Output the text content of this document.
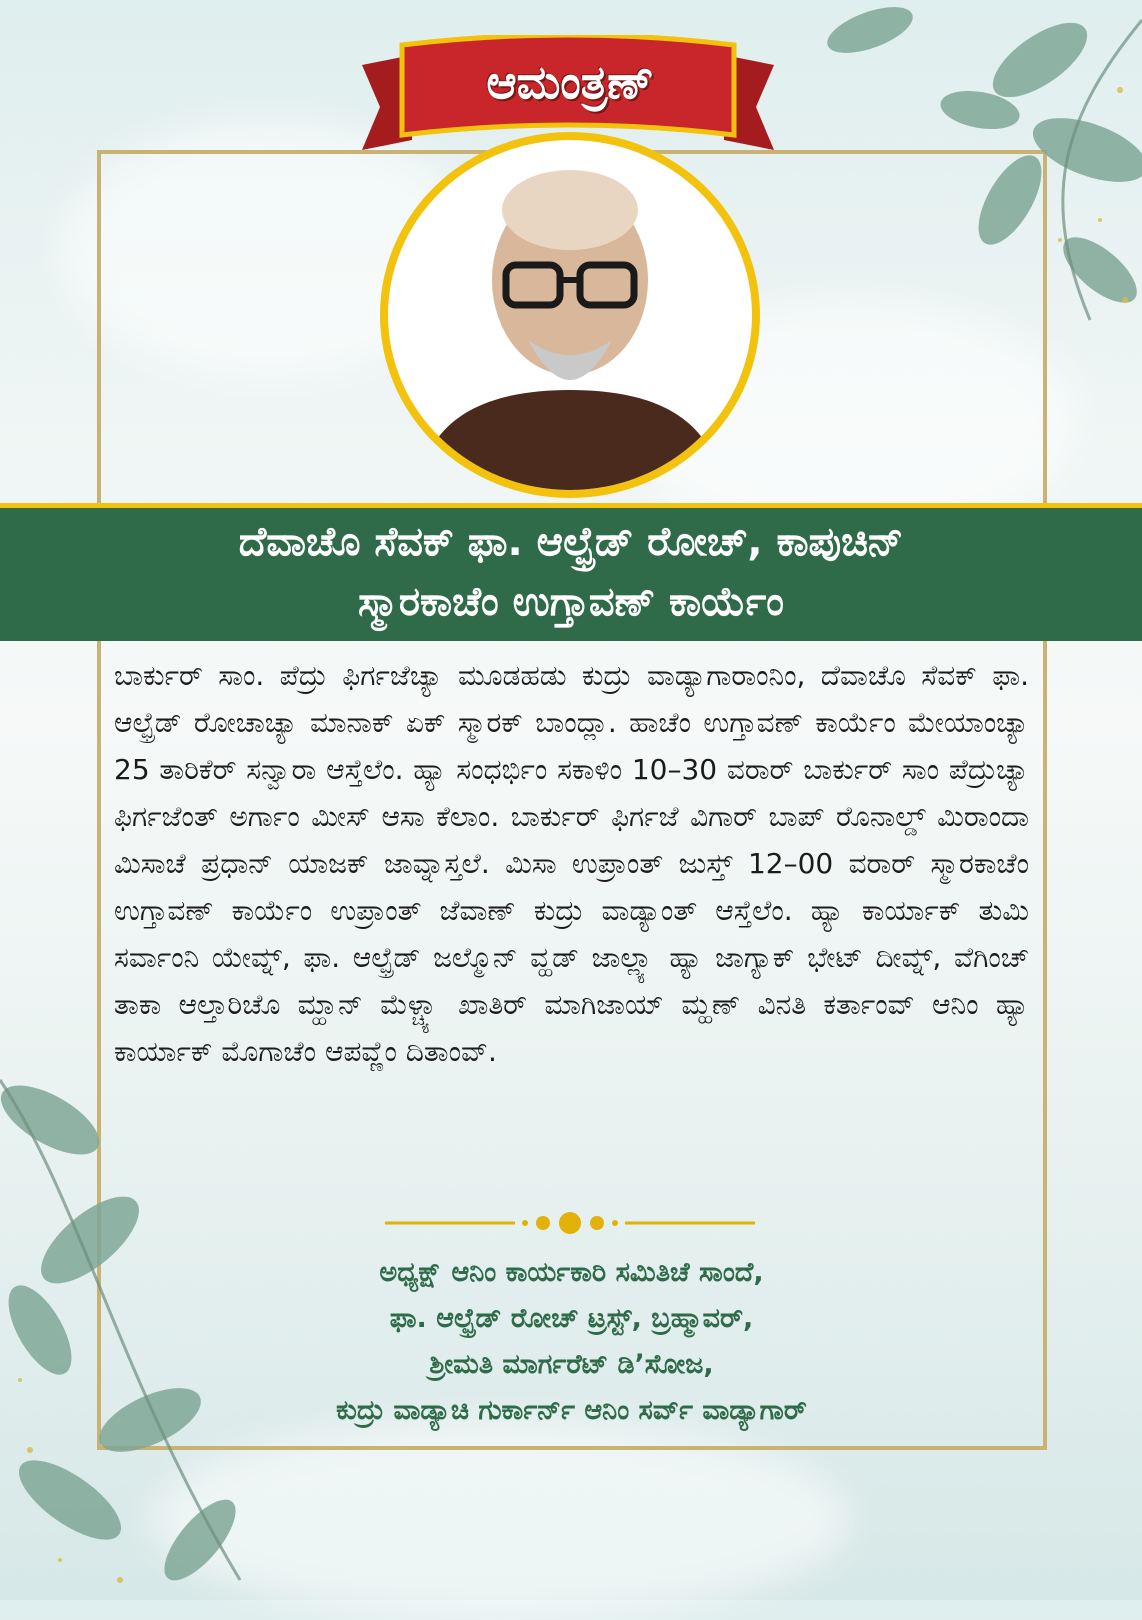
ಆಮಂತ್ರಣ್
ದೆವಾಚೊ ಸೆವಕ್ ಫಾ. ಆಲ್ಫ್ರೆಡ್ ರೋಚ್, ಕಾಪುಚಿನ್
ಸ್ಮಾರಕಾಚೆಂ ಉಗ್ತಾವಣ್ ಕಾರ್ಯೆಂ

ಬಾರ್ಕುರ್ ಸಾಂ. ಪೆದ್ರು ಫಿರ್ಗಜೆಚ್ಯಾ ಮೂಡಹಡು ಕುದ್ರು ವಾಡ್ಯಾಗಾರಾಂನಿಂ, ದೆವಾಚೊ ಸೆವಕ್ ಫಾ. ಆಲ್ಫ್ರೆಡ್ ರೋಚಾಚ್ಯಾ ಮಾನಾಕ್ ಏಕ್ ಸ್ಮಾರಕ್ ಬಾಂದ್ಲಾ. ಹಾಚೆಂ ಉಗ್ತಾವಣ್ ಕಾರ್ಯೆಂ ಮೇಯಾಂಚ್ಯಾ 25 ತಾರಿಕೆರ್ ಸನ್ವಾರಾ ಆಸ್ತೆಲೆಂ. ಹ್ಯಾ ಸಂಧರ್ಭಿಂ ಸಕಾಳಿಂ 10–30 ವರಾರ್ ಬಾರ್ಕುರ್ ಸಾಂ ಪೆದ್ರುಚ್ಯಾ ಫಿರ್ಗಜೆಂತ್ ಅರ್ಗಾಂ ಮೀಸ್ ಆಸಾ ಕೆಲಾಂ. ಬಾರ್ಕುರ್ ಫಿರ್ಗಜೆ ವಿಗಾರ್ ಬಾಪ್ ರೊನಾಲ್ಡ್ ಮಿರಾಂದಾ ಮಿಸಾಚೆ ಪ್ರಧಾನ್ ಯಾಜಕ್ ಜಾವ್ನಾಸ್ತಲೆ. ಮಿಸಾ ಉಪ್ರಾಂತ್ ಜುಸ್ತ್ 12–00 ವರಾರ್ ಸ್ಮಾರಕಾಚೆಂ ಉಗ್ತಾವಣ್ ಕಾರ್ಯೆಂ ಉಪ್ರಾಂತ್ ಜೆವಾಣ್ ಕುದ್ರು ವಾಡ್ಯಾಂತ್ ಆಸ್ತೆಲೆಂ. ಹ್ಯಾ ಕಾರ್ಯಾಕ್ ತುಮಿ ಸರ್ವಾಂನಿ ಯೇವ್ನ್, ಫಾ. ಆಲ್ಫ್ರೆಡ್ ಜಲ್ಮೊನ್ ವ್ಹಡ್ ಜಾಲ್ಲ್ಯಾ ಹ್ಯಾ ಜಾಗ್ಯಾಕ್ ಭೇಟ್ ದೀವ್ನ್, ವೆಗಿಂಚ್ ತಾಕಾ ಆಲ್ತಾರಿಚೊ ಮ್ಹಾನ್ ಮೆಳ್ಚ್ಯಾ ಖಾತಿರ್ ಮಾಗಿಜಾಯ್ ಮ್ಹಣ್ ವಿನತಿ ಕರ್ತಾಂವ್ ಆನಿಂ ಹ್ಯಾ ಕಾರ್ಯಾಕ್ ಮೊಗಾಚೆಂ ಆಪವ್ಣೆಂ ದಿತಾಂವ್.

ಅಧ್ಯಕ್ಷ್ ಆನಿಂ ಕಾರ್ಯಕಾರಿ ಸಮಿತಿಚೆ ಸಾಂದೆ,
ಫಾ. ಆಲ್ಫ್ರೆಡ್ ರೋಚ್ ಟ್ರಸ್ಟ್, ಬ್ರಹ್ಮಾವರ್,
ಶ್ರೀಮತಿ ಮಾರ್ಗರೆಟ್ ಡಿ’ಸೋಜ,
ಕುದ್ರು ವಾಡ್ಯಾಚಿ ಗುರ್ಕಾರ್ನ್ ಆನಿಂ ಸರ್ವ್ ವಾಡ್ಯಾಗಾರ್
